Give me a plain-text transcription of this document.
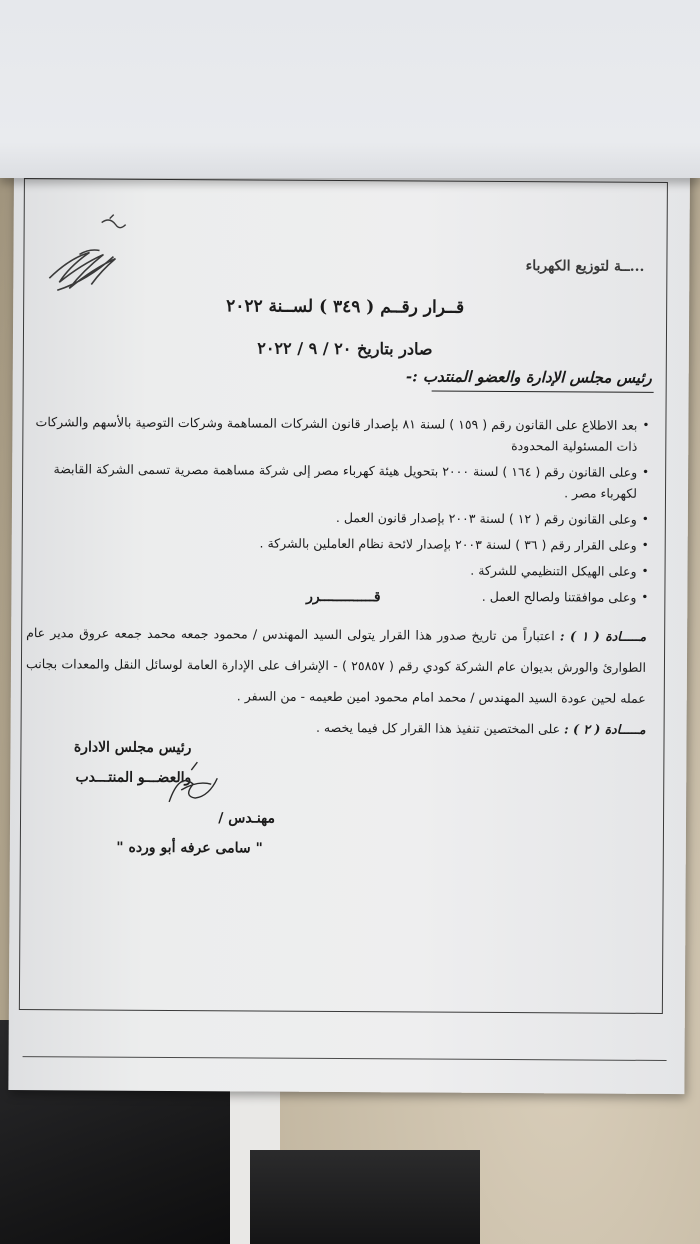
...ــة لتوزيع الكهرباء
قــرار رقــم ( ٣٤٩ ) لســنة ٢٠٢٢
صادر بتاريخ ٢٠ / ٩ / ٢٠٢٢
رئيس مجلس الإدارة والعضو المنتدب :-
• بعد الاطلاع على القانون رقم ( ١٥٩ ) لسنة ٨١ بإصدار قانون الشركات المساهمة وشركات التوصية بالأسهم والشركات ذات المسئولية المحدودة
• وعلى القانون رقم ( ١٦٤ ) لسنة ٢٠٠٠ بتحويل هيئة كهرباء مصر إلى شركة مساهمة مصرية تسمى الشركة القابضة لكهرباء مصر .
• وعلى القانون رقم ( ١٢ ) لسنة ٢٠٠٣ بإصدار قانون العمل .
• وعلى القرار رقم ( ٣٦ ) لسنة ٢٠٠٣ بإصدار لائحة نظام العاملين بالشركة .
• وعلى الهيكل التنظيمي للشركة .
• وعلى موافقتنا ولصالح العمل .
قـــــــــــــرر
مـــــادة ( ١ ) : اعتباراً من تاريخ صدور هذا القرار يتولى السيد المهندس / محمود جمعه محمد جمعه عروق مدير عام الطوارئ والورش بديوان عام الشركة كودي رقم ( ٢٥٨٥٧ ) - الإشراف على الإدارة العامة لوسائل النقل والمعدات بجانب عمله لحين عودة السيد المهندس / محمد امام محمود امين طعيمه - من السفر .
مـــــادة ( ٢ ) : على المختصين تنفيذ هذا القرار كل فيما يخصه .
رئيس مجلس الادارة
والعضـــو المنتـــدب
مهنـدس /
" سامى عرفه أبو ورده "
